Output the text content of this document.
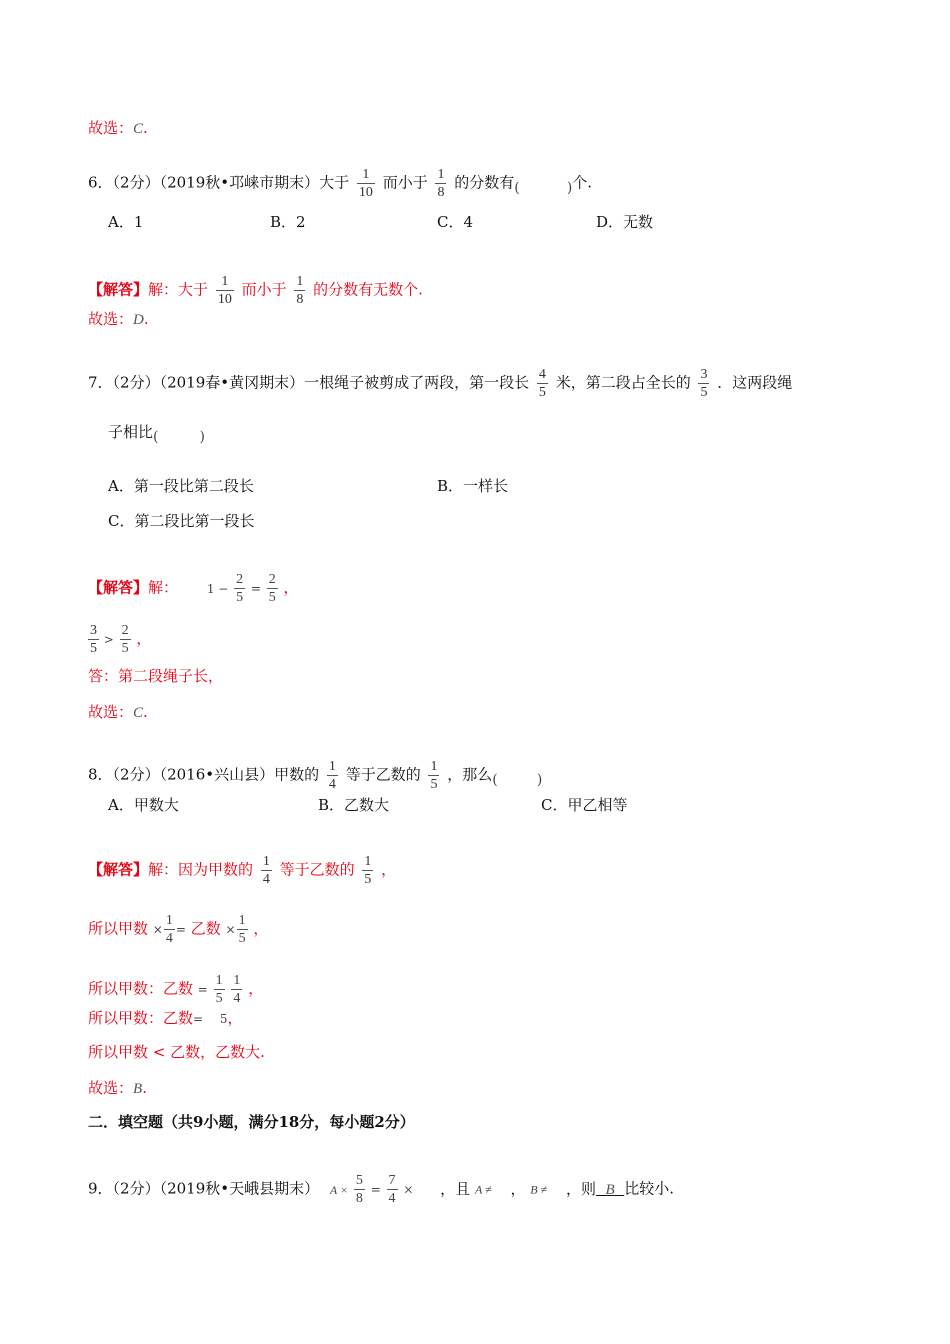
故选：C.
6．（2分）（2019秋•邛崃市期末）大于 $\frac{1}{10}$ 而小于 $\frac{1}{8}$ 的分数有 (	) 个.
A．1	B．2	C．4	D．无数
【解答】解：大于 $\frac{1}{10}$ 而小于 $\frac{1}{8}$ 的分数有无数个.
故选：D.
7．（2分）（2019春•黄冈期末）一根绳子被剪成了两段，第一段长 $\frac{4}{5}$ 米，第二段占全长的 $\frac{3}{5}$ ．这两段绳
子相比 (	)
A．第一段比第二段长	B．一样长
C．第二段比第一段长
【解答】解： $1 - \frac{2}{5} = \frac{2}{5}$ ，
$\frac{3}{5} > \frac{2}{5}$ ，
答：第二段绳子长，
故选：C.
8．（2分）（2016•兴山县）甲数的 $\frac{1}{4}$ 等于乙数的 $\frac{1}{5}$ ，那么 (	)
A．甲数大	B．乙数大	C．甲乙相等
【解答】解：因为甲数的 $\frac{1}{4}$ 等于乙数的 $\frac{1}{5}$ ，
所以甲数 × $\frac{1}{4}$ = 乙数 × $\frac{1}{5}$ ，
所以甲数：乙数 = $\frac{1}{5}$
$\frac{1}{4}$ ，
所以甲数：乙数= 5，
所以甲数 < 乙数，乙数大.
故选：B.
二．填空题（共9小题，满分18分，每小题2分）
9．（2分）（2019秋•天峨县期末） $A \times \frac{5}{8} = \frac{7}{4}$ × ，且 A ≠ ， B ≠ ，则 B 比较小.
